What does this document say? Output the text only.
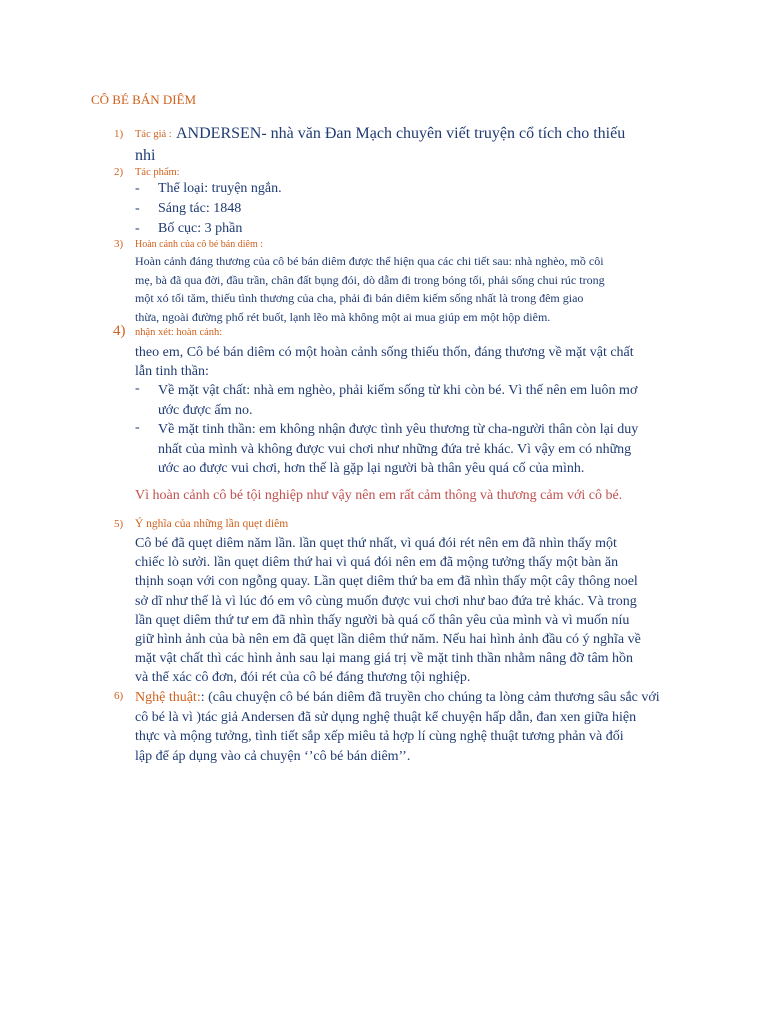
CÔ BÉ BÁN DIÊM
1) Tác giả : ANDERSEN- nhà văn Đan Mạch chuyên viết truyện cổ tích cho thiếu
nhi
2) Tác phẩm:
- Thể loại: truyện ngắn.
- Sáng tác: 1848
- Bố cục: 3 phần
3) Hoàn cảnh của cô bé bán diêm :
Hoàn cảnh đáng thương của cô bé bán diêm được thể hiện qua các chi tiết sau: nhà nghèo, mồ côi
mẹ, bà đã qua đời, đầu trần, chân đất bụng đói, dò dẫm đi trong bóng tối, phải sống chui rúc trong
một xó tối tăm, thiếu tình thương của cha, phải đi bán diêm kiếm sống nhất là trong đêm giao
thừa, ngoài đường phố rét buốt, lạnh lẽo mà không một ai mua giúp em một hộp diêm.
4) nhận xét: hoàn cảnh:
theo em, Cô bé bán diêm có một hoàn cảnh sống thiếu thốn, đáng thương về mặt vật chất
lẫn tinh thần:
- Về mặt vật chất: nhà em nghèo, phải kiếm sống từ khi còn bé. Vì thế nên em luôn mơ
ước được ấm no.
- Về mặt tinh thần: em không nhận được tình yêu thương từ cha-người thân còn lại duy
nhất của mình và không được vui chơi như những đứa trẻ khác. Vì vậy em có những
ước ao được vui chơi, hơn thế là gặp lại người bà thân yêu quá cố của mình.
Vì hoàn cảnh cô bé tội nghiệp như vậy nên em rất cảm thông và thương cảm với cô bé.
5) Ý nghĩa của những lần quẹt diêm
Cô bé đã quẹt diêm năm lần. lần quẹt thứ nhất, vì quá đói rét nên em đã nhìn thấy một
chiếc lò sưởi. lần quẹt diêm thứ hai vì quá đói nên em đã mộng tưởng thấy một bàn ăn
thịnh soạn với con ngỗng quay. Lần quẹt diêm thứ ba em đã nhìn thấy một cây thông noel
sở dĩ như thế là vì lúc đó em vô cùng muốn được vui chơi như bao đứa trẻ khác. Và trong
lần quẹt diêm thứ tư em đã nhìn thấy người bà quá cố thân yêu của mình và vì muốn níu
giữ hình ảnh của bà nên em đã quẹt lần diêm thứ năm. Nếu hai hình ảnh đầu có ý nghĩa về
mặt vật chất thì các hình ảnh sau lại mang giá trị về mặt tinh thần nhằm nâng đỡ tâm hồn
và thể xác cô đơn, đói rét của cô bé đáng thương tội nghiệp.
6) Nghệ thuật:: (câu chuyện cô bé bán diêm đã truyền cho chúng ta lòng cảm thương sâu sắc với
cô bé là vì )tác giả Andersen đã sử dụng nghệ thuật kể chuyện hấp dẫn, đan xen giữa hiện
thực và mộng tưởng, tình tiết sắp xếp miêu tả hợp lí cùng nghệ thuật tương phản và đối
lập để áp dụng vào cả chuyện ‘’cô bé bán diêm’’.
